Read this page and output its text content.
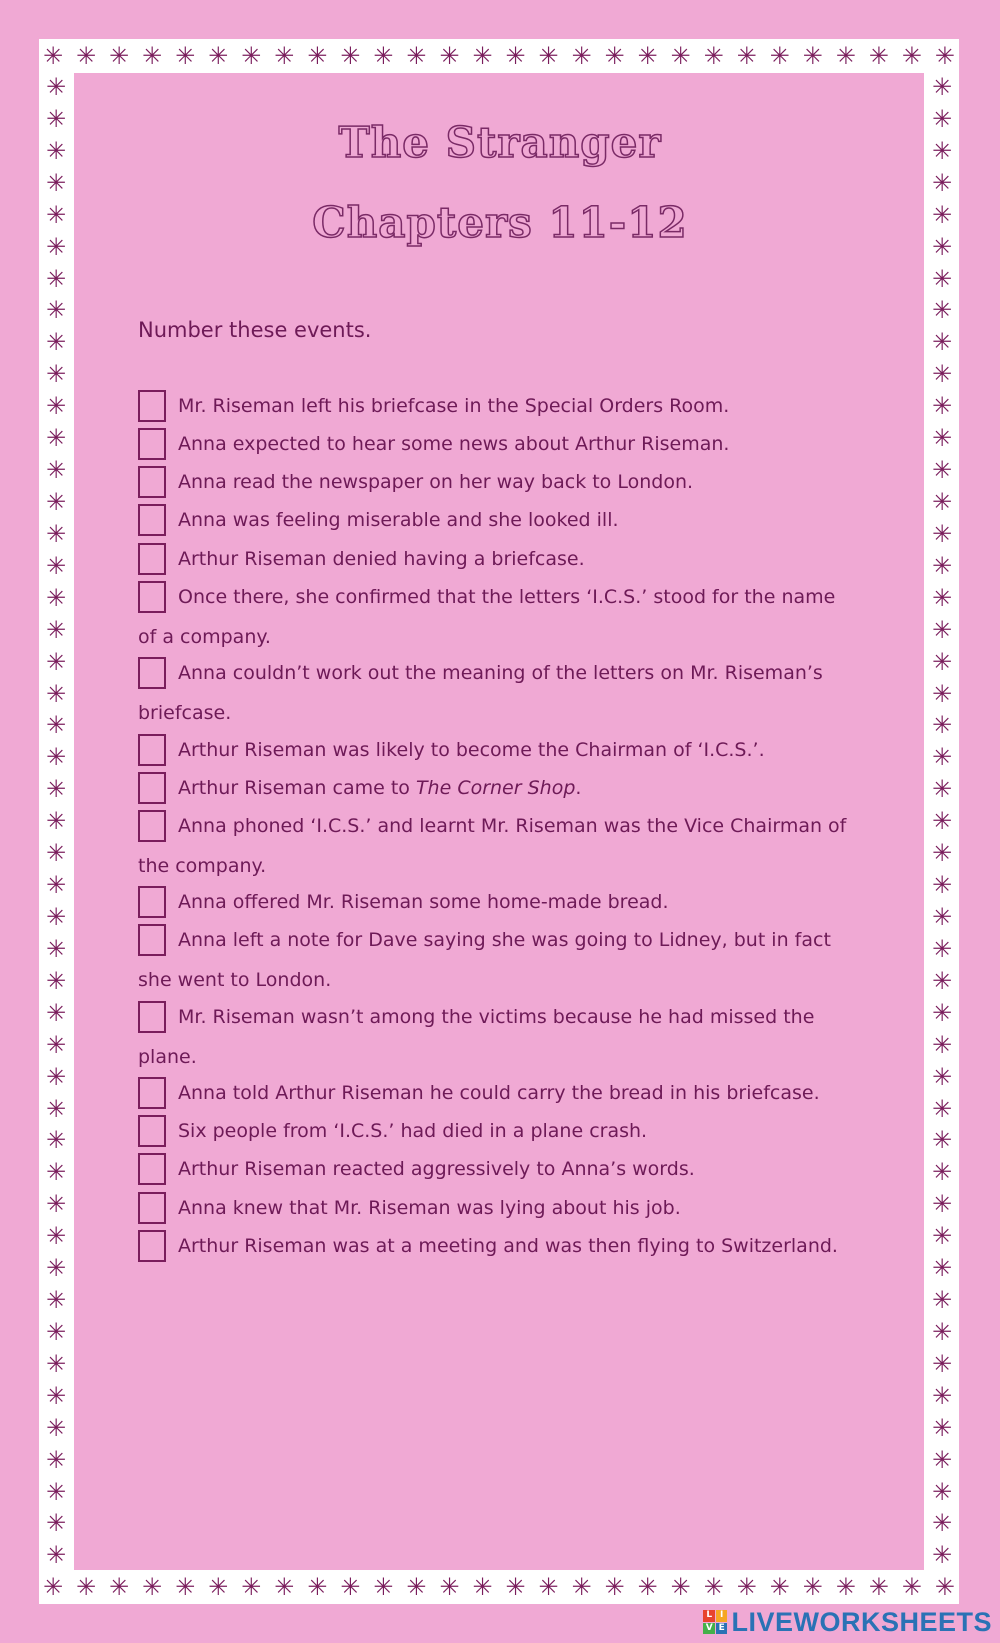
✳ ✳ ✳ ✳ ✳ ✳ ✳ ✳ ✳ ✳ ✳ ✳ ✳ ✳ ✳ ✳ ✳ ✳ ✳ ✳ ✳ ✳ ✳ ✳ ✳ ✳ ✳ ✳
✳ ✳ ✳ ✳ ✳ ✳ ✳ ✳ ✳ ✳ ✳ ✳ ✳ ✳ ✳ ✳ ✳ ✳ ✳ ✳ ✳ ✳ ✳ ✳ ✳ ✳ ✳ ✳
✳
✳
✳
✳
✳
✳
✳
✳
✳
✳
✳
✳
✳
✳
✳
✳
✳
✳
✳
✳
✳
✳
✳
✳
✳
✳
✳
✳
✳
✳
✳
✳
✳
✳
✳
✳
✳
✳
✳
✳
✳
✳
✳
✳
✳
✳
✳
✳
✳
✳
✳
✳
✳
✳
✳
✳
✳
✳
✳
✳
✳
✳
✳
✳
✳
✳
✳
✳
✳
✳
✳
✳
✳
✳
✳
✳
✳
✳
✳
✳
✳
✳
✳
✳
✳
✳
✳
✳
✳
✳
✳
✳
✳
✳
The Stranger
Chapters 11-12
Number these events.
Mr. Riseman left his briefcase in the Special Orders Room.
Anna expected to hear some news about Arthur Riseman.
Anna read the newspaper on her way back to London.
Anna was feeling miserable and she looked ill.
Arthur Riseman denied having a briefcase.
Once there, she confirmed that the letters ‘I.C.S.’ stood for the name of a company.
Anna couldn’t work out the meaning of the letters on Mr. Riseman’s briefcase.
Arthur Riseman was likely to become the Chairman of ‘I.C.S.’.
Arthur Riseman came to The Corner Shop.
Anna phoned ‘I.C.S.’ and learnt Mr. Riseman was the Vice Chairman of the company.
Anna offered Mr. Riseman some home-made bread.
Anna left a note for Dave saying she was going to Lidney, but in fact she went to London.
Mr. Riseman wasn’t among the victims because he had missed the plane.
Anna told Arthur Riseman he could carry the bread in his briefcase.
Six people from ‘I.C.S.’ had died in a plane crash.
Arthur Riseman reacted aggressively to Anna’s words.
Anna knew that Mr. Riseman was lying about his job.
Arthur Riseman was at a meeting and was then flying to Switzerland.
L I
V E LIVEWORKSHEETS
